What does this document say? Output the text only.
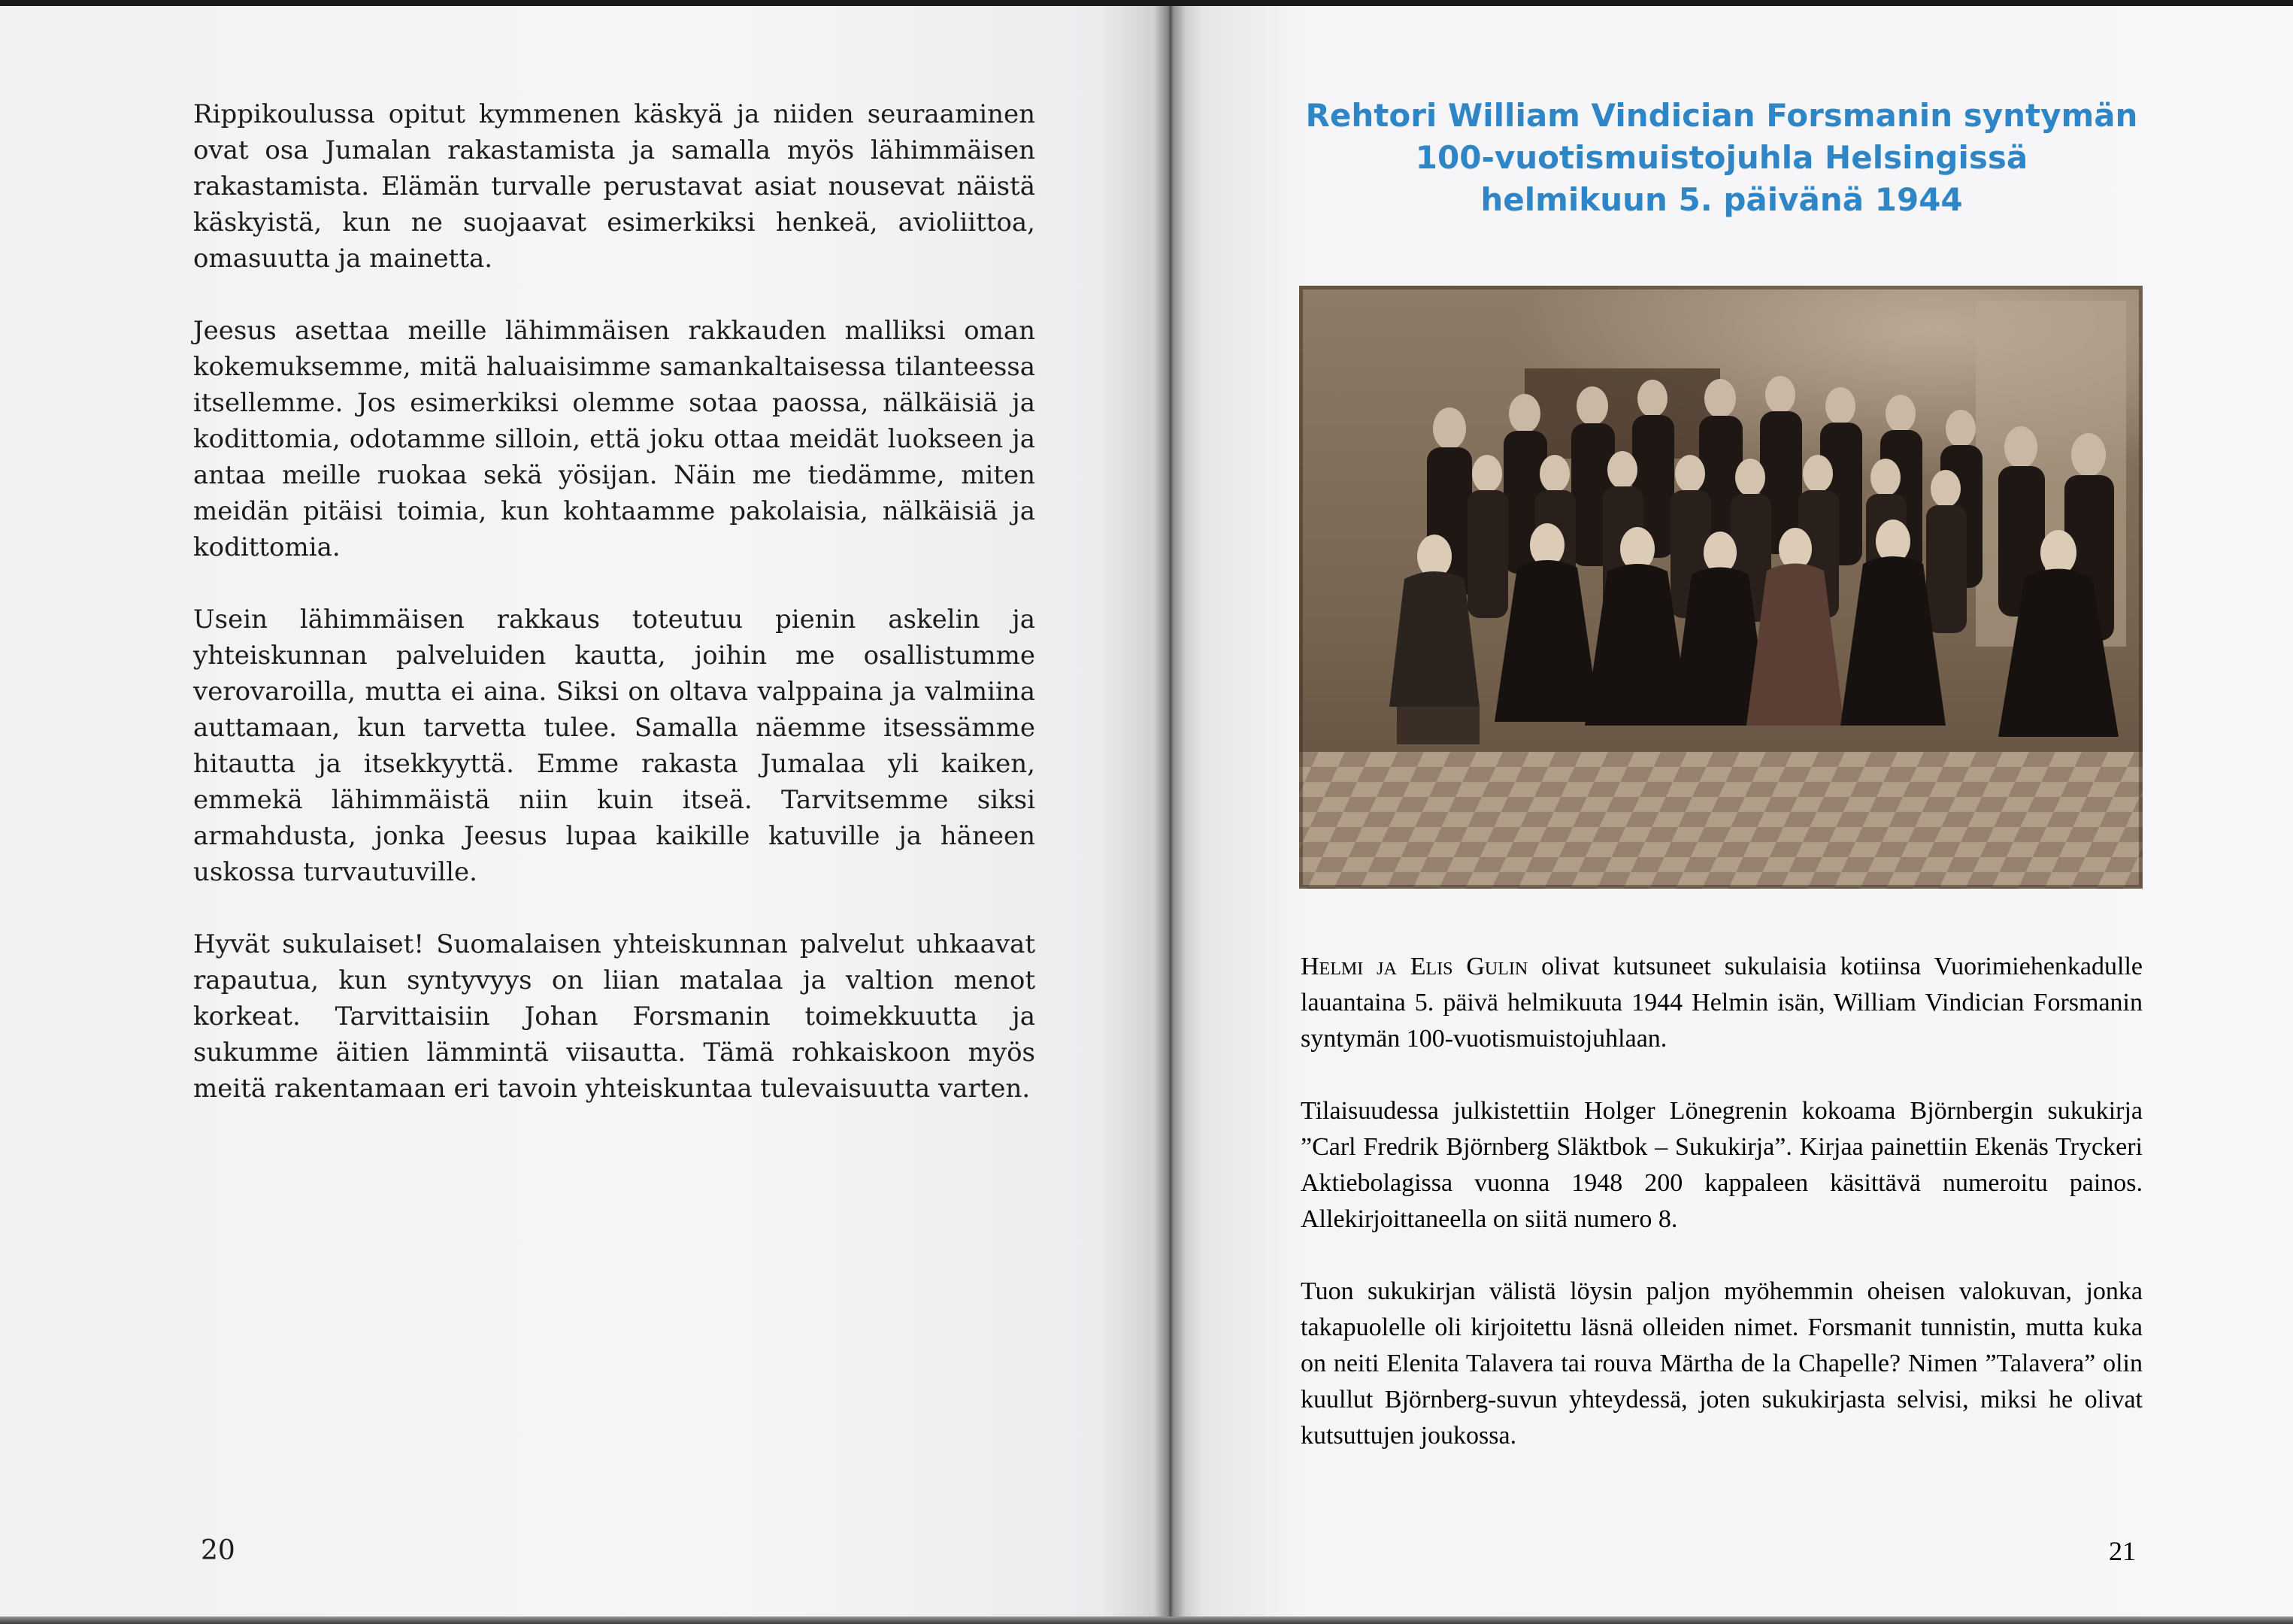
Rippikoulussa opitut kymmenen käskyä ja niiden seuraaminen ovat osa Jumalan rakastamista ja samalla myös lähimmäisen rakastamista. Elämän turvalle perustavat asiat nousevat näistä käskyistä, kun ne suojaavat esimerkiksi henkeä, avioliittoa, omasuutta ja mainetta.

Jeesus asettaa meille lähimmäisen rakkauden malliksi oman kokemuksemme, mitä haluaisimme samankaltaisessa tilanteessa itsellemme. Jos esimerkiksi olemme sotaa paossa, nälkäisiä ja kodittomia, odotamme silloin, että joku ottaa meidät luokseen ja antaa meille ruokaa sekä yösijan. Näin me tiedämme, miten meidän pitäisi toimia, kun kohtaamme pakolaisia, nälkäisiä ja kodittomia.

Usein lähimmäisen rakkaus toteutuu pienin askelin ja yhteiskunnan palveluiden kautta, joihin me osallistumme verovaroilla, mutta ei aina. Siksi on oltava valppaina ja valmiina auttamaan, kun tarvetta tulee. Samalla näemme itsessämme hitautta ja itsekkyyttä. Emme rakasta Jumalaa yli kaiken, emmekä lähimmäistä niin kuin itseä. Tarvitsemme siksi armahdusta, jonka Jeesus lupaa kaikille katuville ja häneen uskossa turvautuville.

Hyvät sukulaiset! Suomalaisen yhteiskunnan palvelut uhkaavat rapautua, kun syntyvyys on liian matalaa ja valtion menot korkeat. Tarvittaisiin Johan Forsmanin toimekkuutta ja sukumme äitien lämmintä viisautta. Tämä rohkaiskoon myös meitä rakentamaan eri tavoin yhteiskuntaa tulevaisuutta varten.

20
Rehtori William Vindician Forsmanin syntymän
100-vuotismuistojuhla Helsingissä
helmikuun 5. päivänä 1944

Helmi ja Elis Gulin olivat kutsuneet sukulaisia kotiinsa Vuorimiehenkadulle lauantaina 5. päivä helmikuuta 1944 Helmin isän, William Vindician Forsmanin syntymän 100-vuotismuistojuhlaan.

Tilaisuudessa julkistettiin Holger Lönegrenin kokoama Björnbergin sukukirja ”Carl Fredrik Björnberg Släktbok – Sukukirja”. Kirjaa painettiin Ekenäs Tryckeri Aktiebolagissa vuonna 1948 200 kappaleen käsittävä numeroitu painos. Allekirjoittaneella on siitä numero 8.

Tuon sukukirjan välistä löysin paljon myöhemmin oheisen valokuvan, jonka takapuolelle oli kirjoitettu läsnä olleiden nimet. Forsmanit tunnistin, mutta kuka on neiti Elenita Talavera tai rouva Märtha de la Chapelle? Nimen ”Talavera” olin kuullut Björnberg-suvun yhteydessä, joten sukukirjasta selvisi, miksi he olivat kutsuttujen joukossa.

21
